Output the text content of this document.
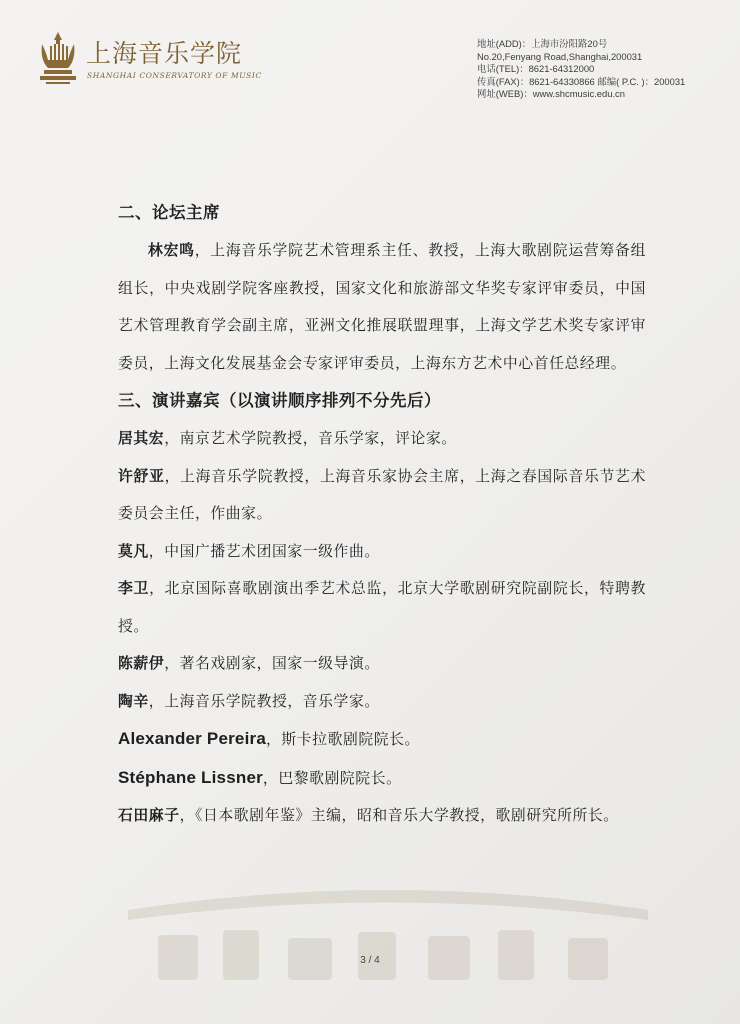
上海音乐学院
SHANGHAI CONSERVATORY OF MUSIC
地址(ADD)：上海市汾阳路20号
No.20,Fenyang Road,Shanghai,200031
电话(TEL)：8621-64312000
传真(FAX)：8621-64330866 邮编( P.C. )：200031
网址(WEB)：www.shcmusic.edu.cn
二、论坛主席
林宏鸣，上海音乐学院艺术管理系主任、教授，上海大歌剧院运营筹备组组长，中央戏剧学院客座教授，国家文化和旅游部文华奖专家评审委员，中国艺术管理教育学会副主席，亚洲文化推展联盟理事，上海文学艺术奖专家评审委员，上海文化发展基金会专家评审委员，上海东方艺术中心首任总经理。
三、演讲嘉宾（以演讲顺序排列不分先后）
居其宏，南京艺术学院教授，音乐学家，评论家。
许舒亚，上海音乐学院教授，上海音乐家协会主席，上海之春国际音乐节艺术委员会主任，作曲家。
莫凡，中国广播艺术团国家一级作曲。
李卫，北京国际喜歌剧演出季艺术总监，北京大学歌剧研究院副院长，特聘教授。
陈薪伊，著名戏剧家，国家一级导演。
陶辛，上海音乐学院教授，音乐学家。
Alexander Pereira，斯卡拉歌剧院院长。
Stéphane Lissner，巴黎歌剧院院长。
石田麻子，《日本歌剧年鉴》主编，昭和音乐大学教授，歌剧研究所所长。
3 / 4
